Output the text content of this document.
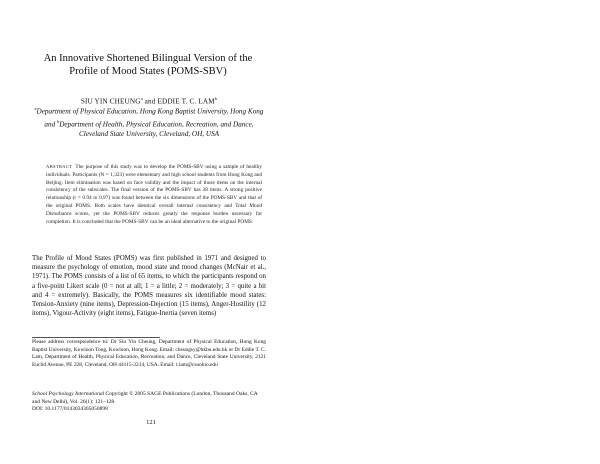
An Innovative Shortened Bilingual Version of the Profile of Mood States (POMS-SBV)
SIU YIN CHEUNG$^a$ and EDDIE T. C. LAM$^b$
$^a$Department of Physical Education, Hong Kong Baptist University, Hong Kong and $^b$Department of Health, Physical Education, Recreation, and Dance, Cleveland State University, Cleveland, OH, USA
ABSTRACT The purpose of this study was to develop the POMS-SBV using a sample of healthy individuals. Participants (N = 1,323) were elementary and high school students from Hong Kong and Beijing. Item elimination was based on face validity and the impact of those items on the internal consistency of the subscales. The final version of the POMS-SBV has 38 items. A strong positive relationship (r = 0.94 to 0.97) was found between the six dimensions of the POMS-SBV and that of the original POMS. Both scales have identical overall internal consistency and Total Mood Disturbance scores, yet the POMS-SBV reduces greatly the response burden necessary for completion. It is concluded that the POMS-SBV can be an ideal alternative to the original POMS.
The Profile of Mood States (POMS) was first published in 1971 and designed to measure the psychology of emotion, mood state and mood changes (McNair et al., 1971). The POMS consists of a list of 65 items, to which the participants respond on a five-point Likert scale (0 = not at all; 1 = a little; 2 = moderately; 3 = quite a bit and 4 = extremely). Basically, the POMS measures six identifiable mood states: Tension-Anxiety (nine items), Depression-Dejection (15 items), Anger-Hostility (12 items), Vigour-Activity (eight items), Fatigue-Inertia (seven items)
Please address correspondence to: Dr Siu Yin Cheung, Department of Physical Education, Hong Kong Baptist University, Kowloon Tong, Kowloon, Hong Kong. Email: cheungsy@hkbu.edu.hk or Dr Eddie T. C. Lam, Department of Health, Physical Education, Recreation, and Dance, Cleveland State University, 2121 Euclid Avenue, PE 228, Cleveland, OH 44115-2214, USA. Email: t.lam@csuohio.edu
School Psychology International Copyright © 2005 SAGE Publications (London, Thousand Oaks, CA and New Delhi), Vol. 26(1): 121–128.
DOI: 10.1177/0143034305050898
121
